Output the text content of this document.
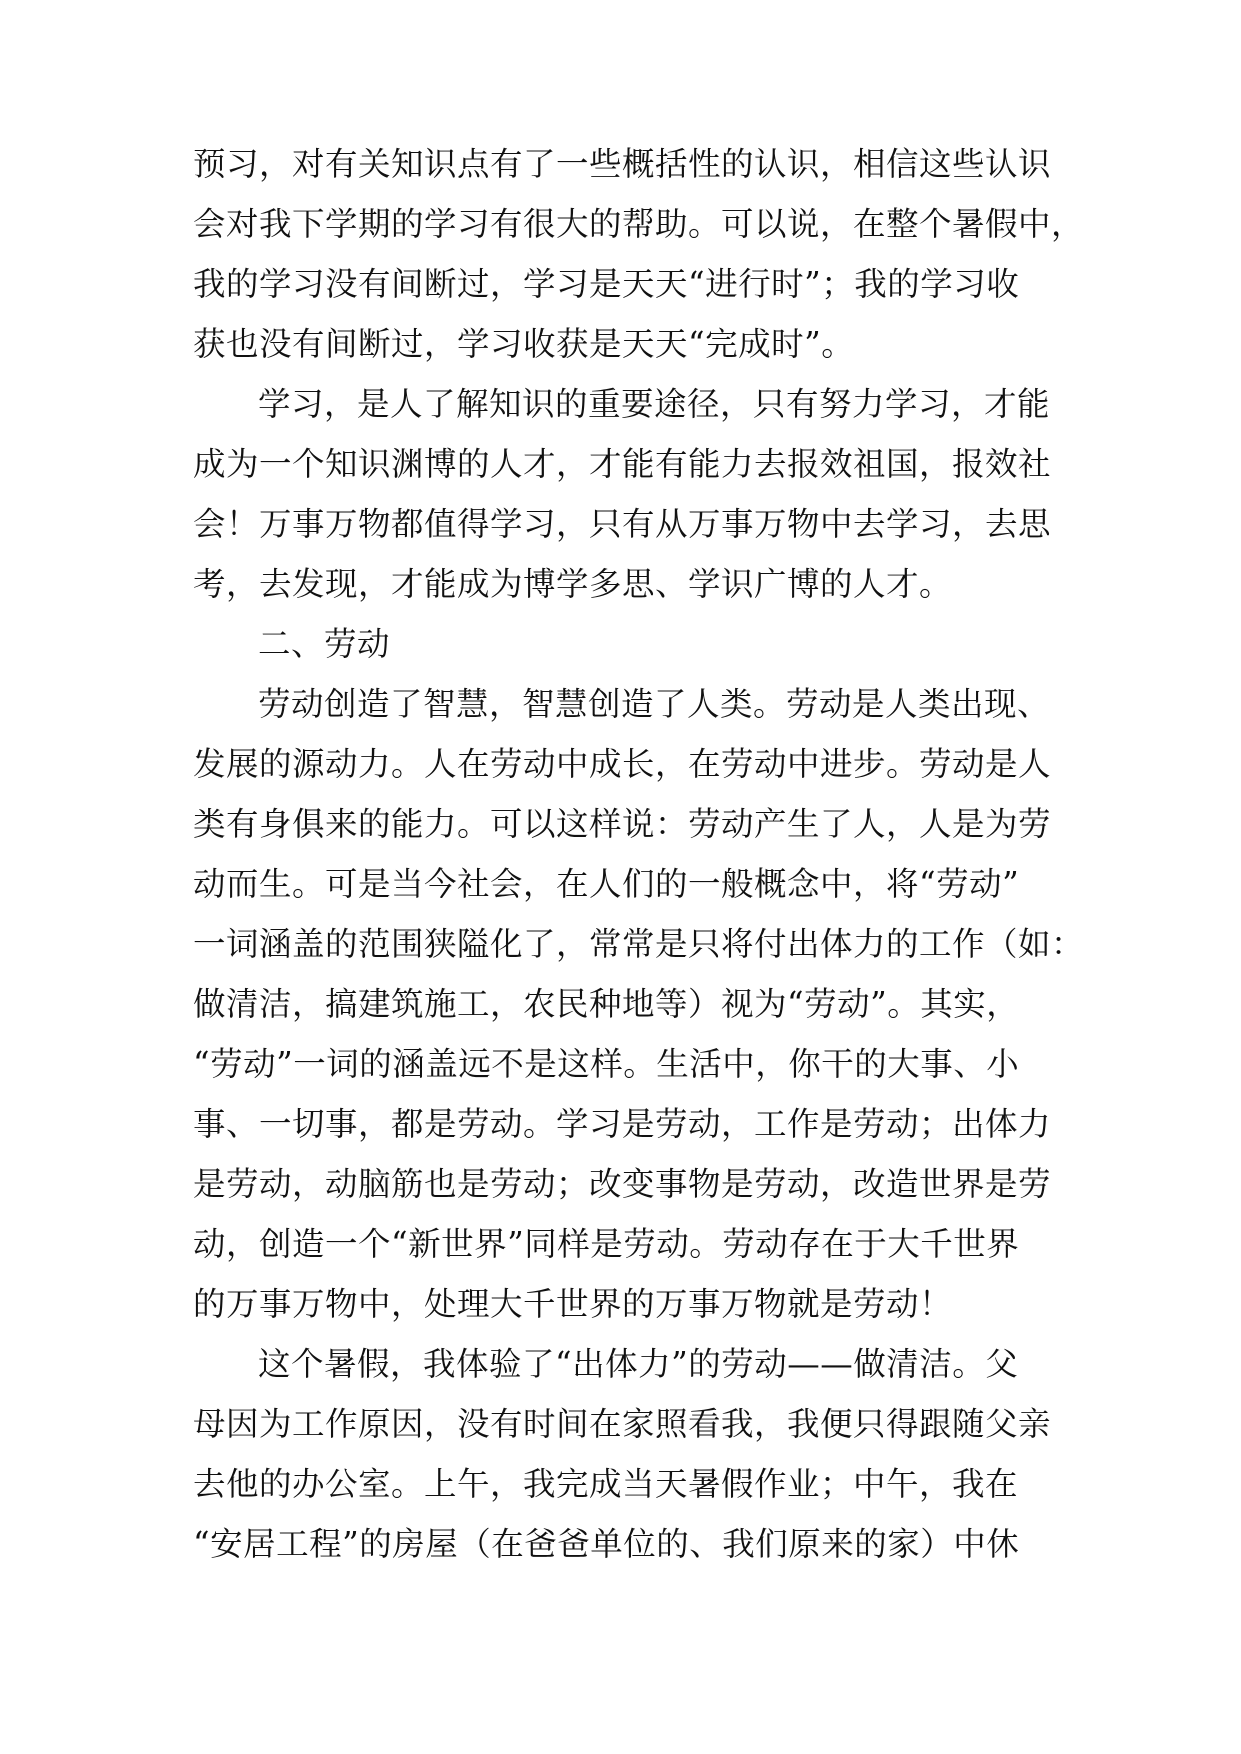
预习，对有关知识点有了一些概括性的认识，相信这些认识

会对我下学期的学习有很大的帮助。可以说，在整个暑假中，

我的学习没有间断过，学习是天天“进行时”；我的学习收

获也没有间断过，学习收获是天天“完成时”。

学习，是人了解知识的重要途径，只有努力学习，才能

成为一个知识渊博的人才，才能有能力去报效祖国，报效社

会！万事万物都值得学习，只有从万事万物中去学习，去思

考，去发现，才能成为博学多思、学识广博的人才。

二、劳动

劳动创造了智慧，智慧创造了人类。劳动是人类出现、

发展的源动力。人在劳动中成长，在劳动中进步。劳动是人

类有身俱来的能力。可以这样说：劳动产生了人，人是为劳

动而生。可是当今社会，在人们的一般概念中，将“劳动”

一词涵盖的范围狭隘化了，常常是只将付出体力的工作（如：

做清洁，搞建筑施工，农民种地等）视为“劳动”。其实，

“劳动”一词的涵盖远不是这样。生活中，你干的大事、小

事、一切事，都是劳动。学习是劳动，工作是劳动；出体力

是劳动，动脑筋也是劳动；改变事物是劳动，改造世界是劳

动，创造一个“新世界”同样是劳动。劳动存在于大千世界

的万事万物中，处理大千世界的万事万物就是劳动！

这个暑假，我体验了“出体力”的劳动——做清洁。父

母因为工作原因，没有时间在家照看我，我便只得跟随父亲

去他的办公室。上午，我完成当天暑假作业；中午，我在

“安居工程”的房屋（在爸爸单位的、我们原来的家）中休
